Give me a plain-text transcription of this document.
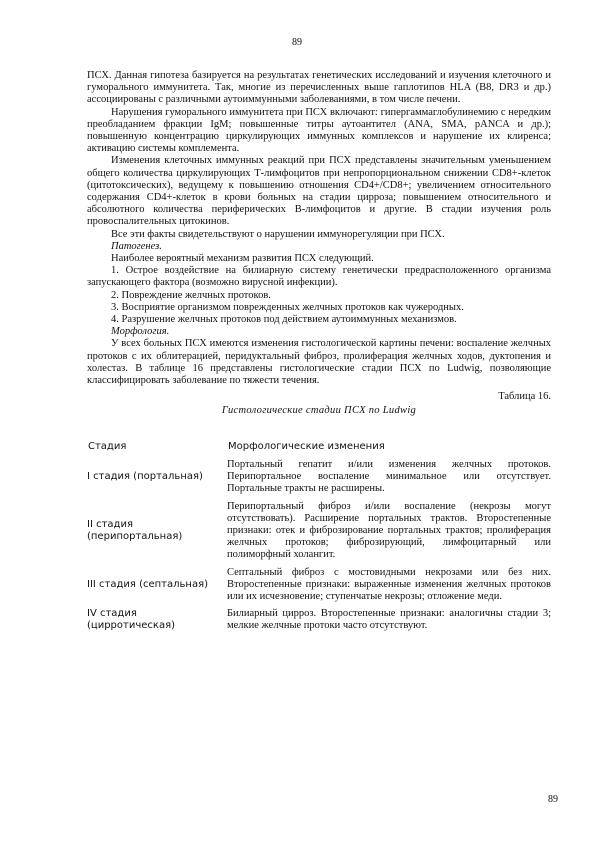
89

ПСХ. Данная гипотеза базируется на результатах генетических исследований и изучения клеточного и гуморального иммунитета. Так, многие из перечисленных выше гаплотипов HLA (B8, DR3 и др.) ассоциированы с различными аутоиммунными заболеваниями, в том числе печени.

Нарушения гуморального иммунитета при ПСХ включают: гипергаммаглобулинемию с нередким преобладанием фракции IgM; повышенные титры аутоантител (ANA, SMA, pANCA и др.); повышенную концентрацию циркулирующих иммунных комплексов и нарушение их клиренса; активацию системы комплемента.

Изменения клеточных иммунных реакций при ПСХ представлены значительным уменьшением общего количества циркулирующих Т-лимфоцитов при непропорциональном снижении CD8+-клеток (цитотоксических), ведущему к повышению отношения CD4+/CD8+; увеличением относительного содержания CD4+-клеток в крови больных на стадии цирроза; повышением относительного и абсолютного количества периферических В-лимфоцитов и другие. В стадии изучения роль провоспалительных цитокинов.

Все эти факты свидетельствуют о нарушении иммунорегуляции при ПСХ.

Патогенез.

Наиболее вероятный механизм развития ПСХ следующий.

1. Острое воздействие на билиарную систему генетически предрасположенного организма запускающего фактора (возможно вирусной инфекции).

2. Повреждение желчных протоков.

3. Восприятие организмом поврежденных желчных протоков как чужеродных.

4. Разрушение желчных протоков под действием аутоиммунных механизмов.

Морфология.

У всех больных ПСХ имеются изменения гистологической картины печени: воспаление желчных протоков с их облитерацией, перидуктальный фиброз, пролиферация желчных ходов, дуктопения и холестаз. В таблице 16 представлены гистологические стадии ПСХ по Ludwig, позволяющие классифицировать заболевание по тяжести течения.

Таблица 16.
Гистологические стадии ПСХ по Ludwig
Стадия	Морфологические изменения
I стадия (портальная)	Портальный гепатит и/или изменения желчных протоков. Перипортальное воспаление минимальное или отсутствует. Портальные тракты не расширены.
II стадия (перипортальная)	Перипортальный фиброз и/или воспаление (некрозы могут отсутствовать). Расширение портальных трактов. Второстепенные признаки: отек и фиброзирование портальных трактов; пролиферация желчных протоков; фиброзирующий, лимфоцитарный или полиморфный холангит.
III стадия (септальная)	Септальный фиброз с мостовидными некрозами или без них. Второстепенные признаки: выраженные изменения желчных протоков или их исчезновение; ступенчатые некрозы; отложение меди.
IV стадия (цирротическая)	Билиарный цирроз. Второстепенные признаки: аналогичны стадии 3; мелкие желчные протоки часто отсутствуют.
89
